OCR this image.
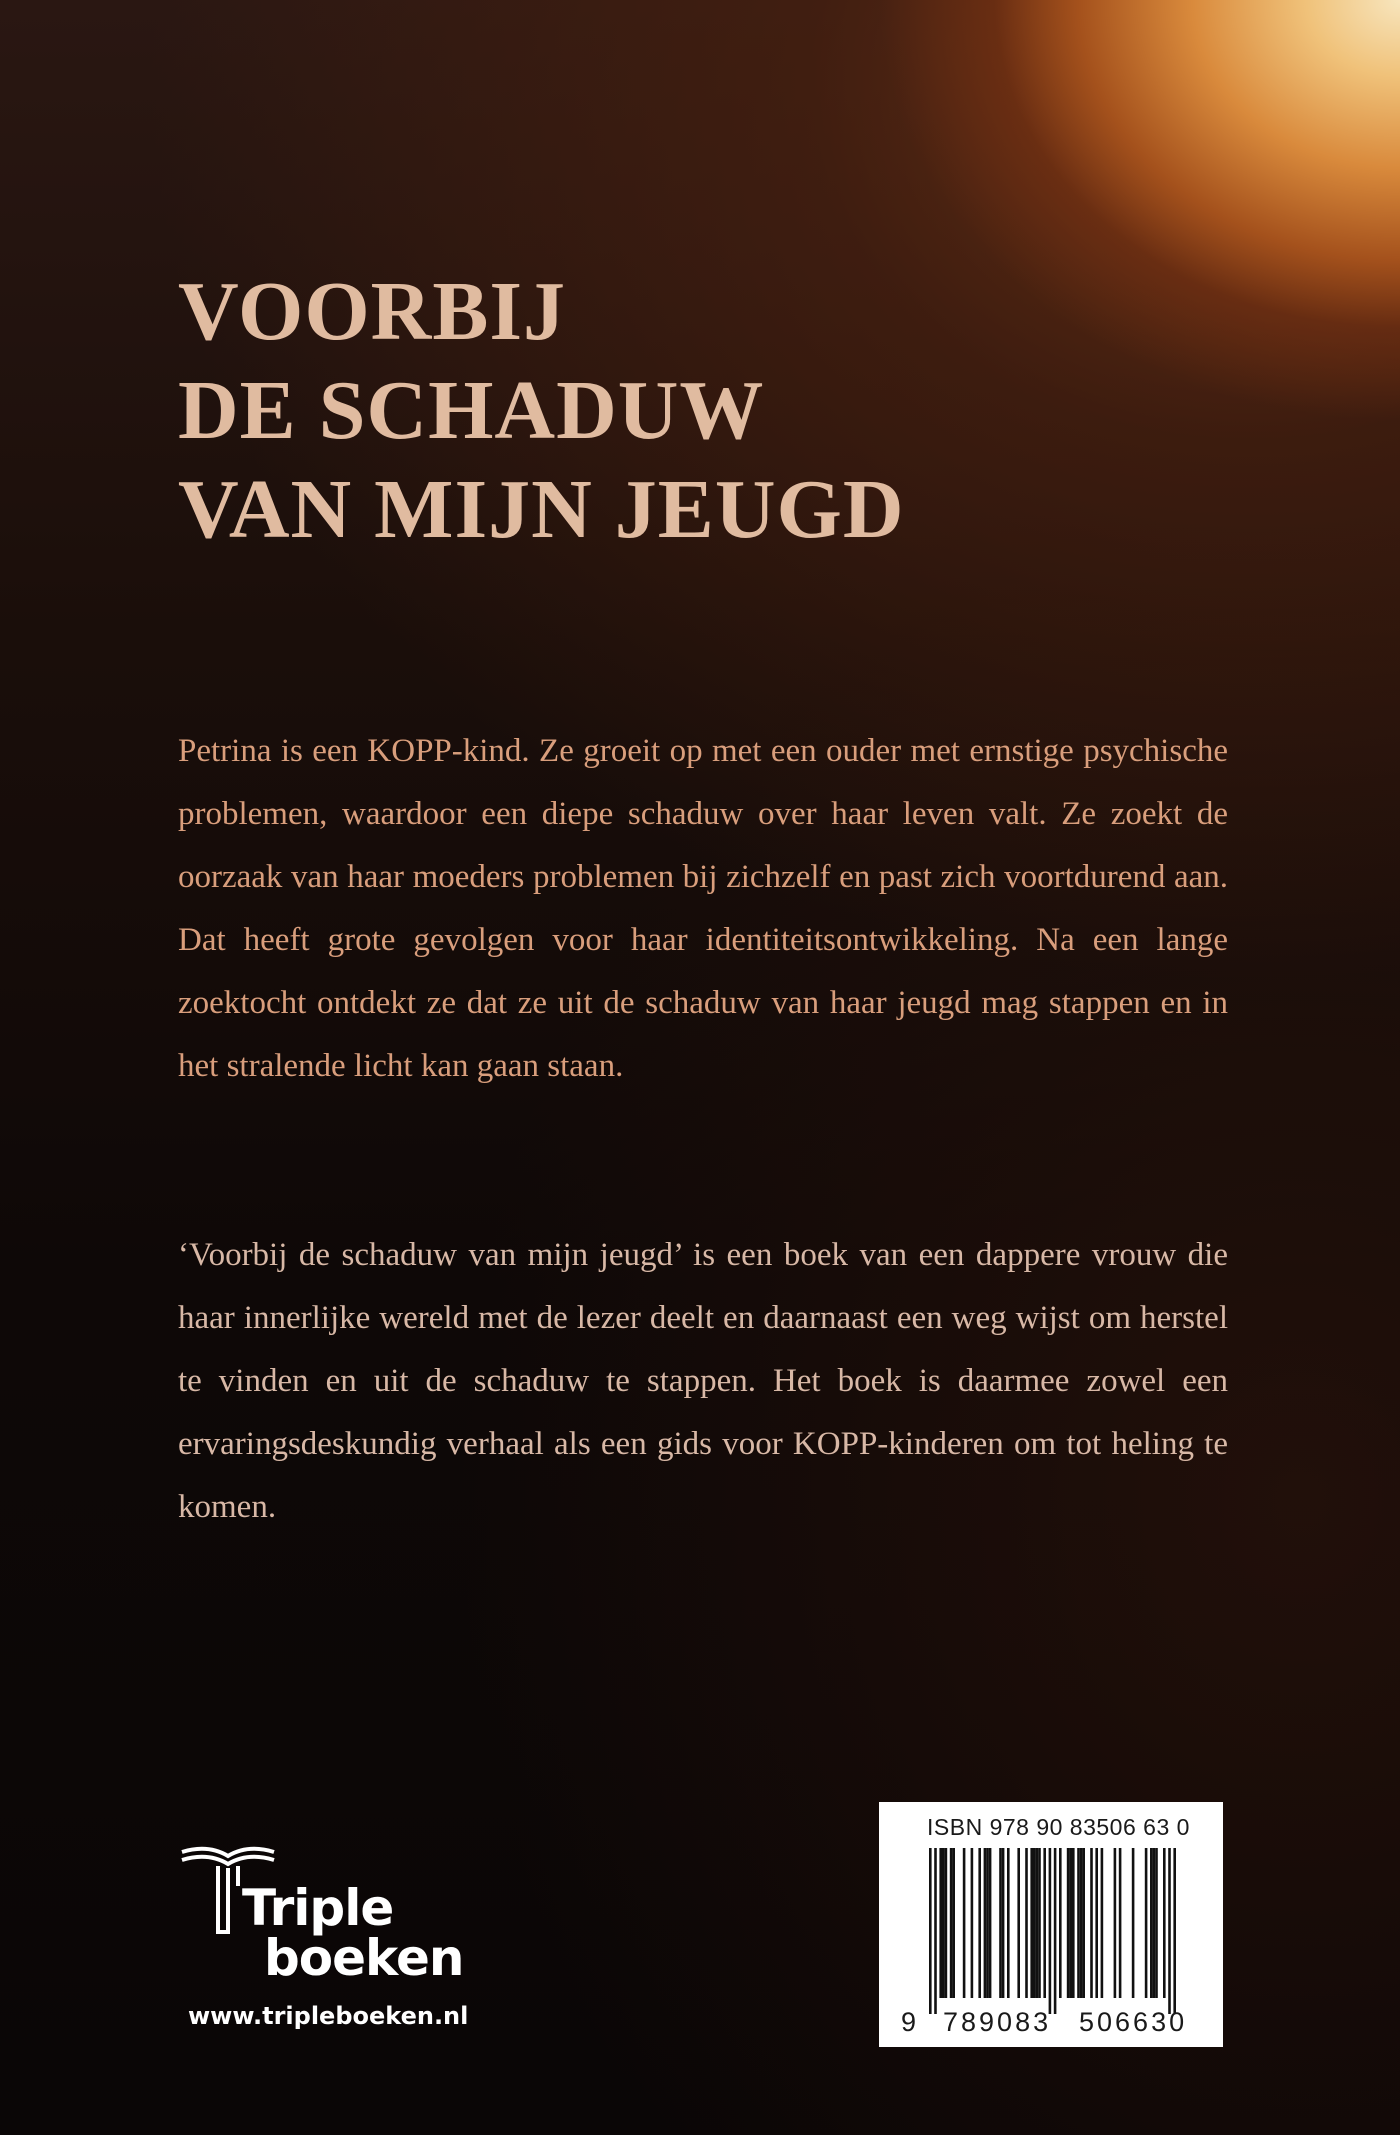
VOORBIJ
DE SCHADUW
VAN MIJN JEUGD

Petrina is een KOPP-kind. Ze groeit op met een ouder met ernstige psychische problemen, waardoor een diepe schaduw over haar leven valt. Ze zoekt de oorzaak van haar moeders problemen bij zichzelf en past zich voortdurend aan. Dat heeft grote gevolgen voor haar identiteitsontwikkeling. Na een lange zoektocht ontdekt ze dat ze uit de schaduw van haar jeugd mag stappen en in het stralende licht kan gaan staan.

‘Voorbij de schaduw van mijn jeugd’ is een boek van een dappere vrouw die haar innerlijke wereld met de lezer deelt en daarnaast een weg wijst om herstel te vinden en uit de schaduw te stappen. Het boek is daarmee zowel een ervaringsdeskundig verhaal als een gids voor KOPP-kinderen om tot heling te komen.

Triple
boeken
www.tripleboeken.nl
ISBN 978 90 83506 63 0
9 789083 506630
